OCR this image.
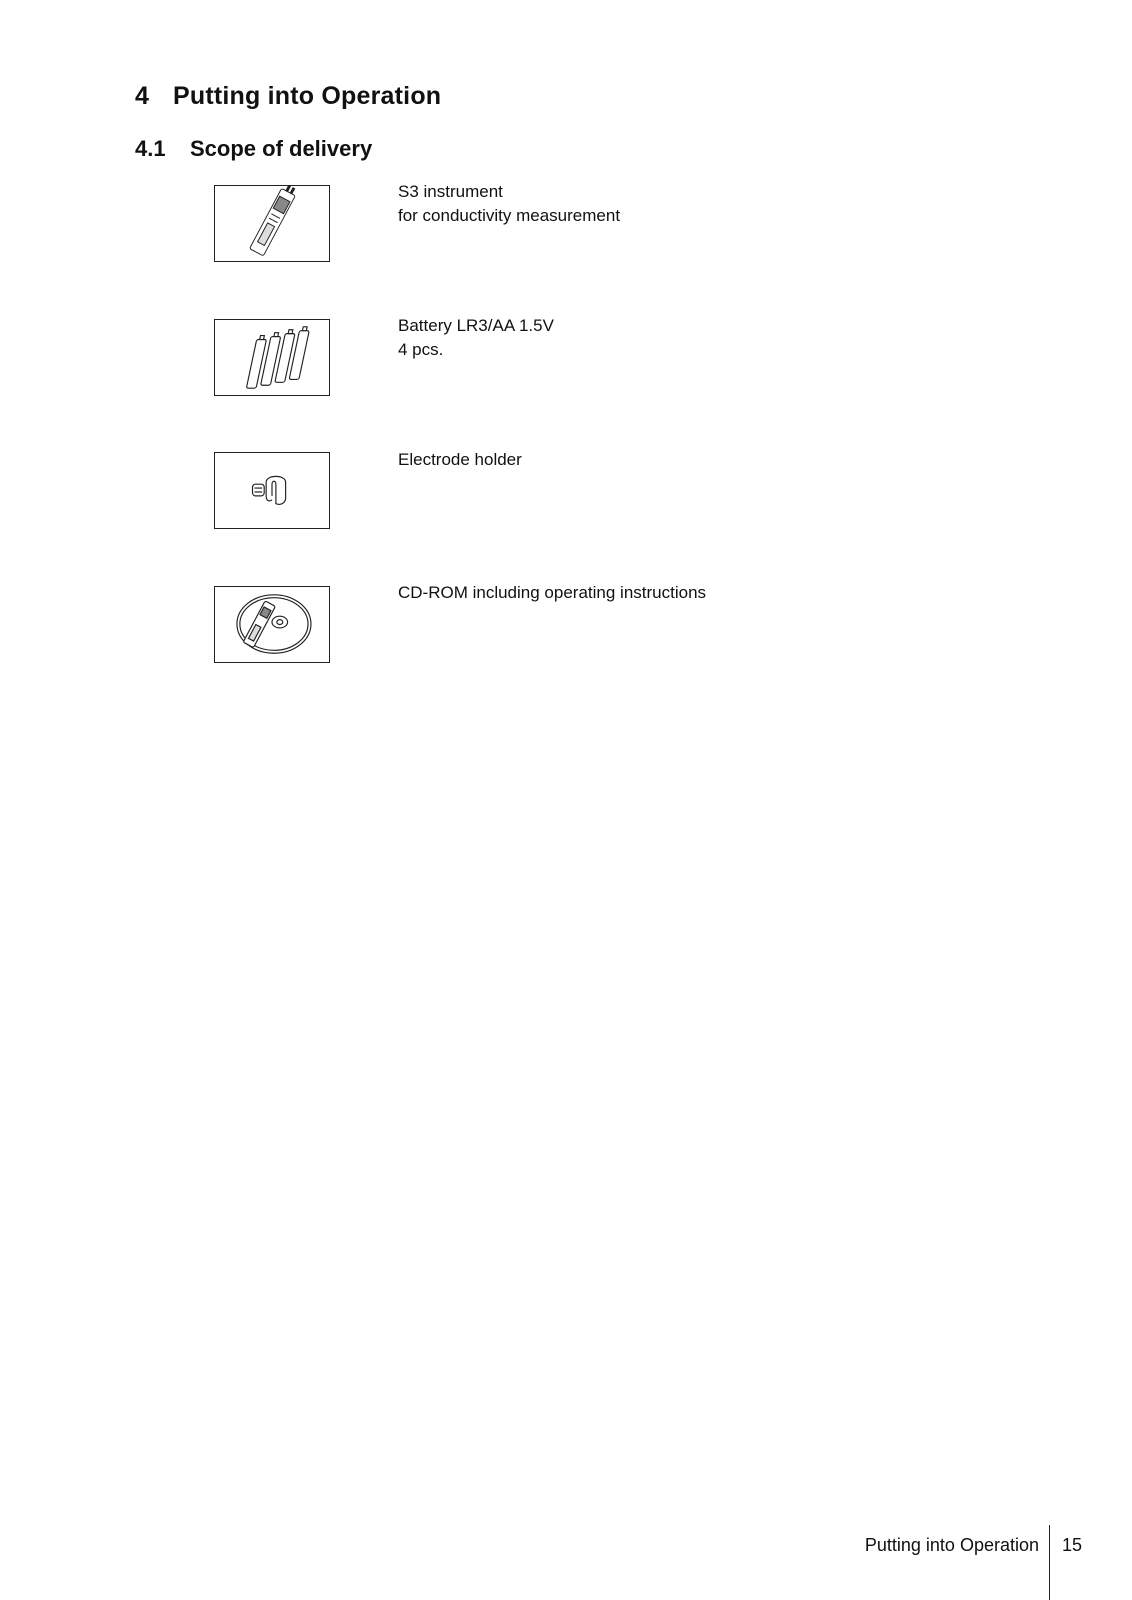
4 Putting into Operation
4.1 Scope of delivery
S3 instrument
for conductivity measurement
Battery LR3/AA 1.5V
4 pcs.
Electrode holder
CD-ROM including operating instructions
Putting into Operation 15
